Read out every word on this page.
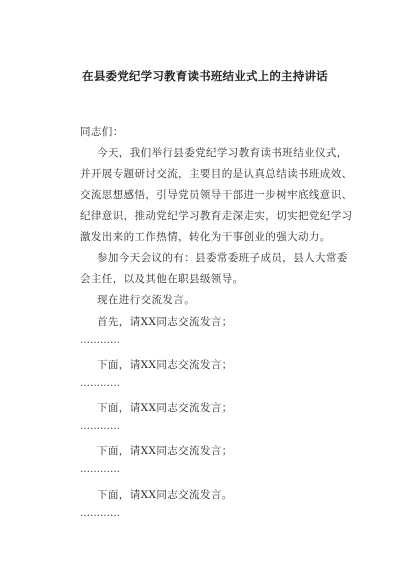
在县委党纪学习教育读书班结业式上的主持讲话
同志们：
今天，我们举行县委党纪学习教育读书班结业仪式，
并开展专题研讨交流，主要目的是认真总结读书班成效、
交流思想感悟，引导党员领导干部进一步树牢底线意识、
纪律意识，推动党纪学习教育走深走实，切实把党纪学习
激发出来的工作热情，转化为干事创业的强大动力。
参加今天会议的有：县委常委班子成员，县人大常委
会主任，以及其他在职县级领导。
现在进行交流发言。
首先，请XX同志交流发言；
…………
下面，请XX同志交流发言；
…………
下面，请XX同志交流发言；
…………
下面，请XX同志交流发言；
…………
下面，请XX同志交流发言。
…………
